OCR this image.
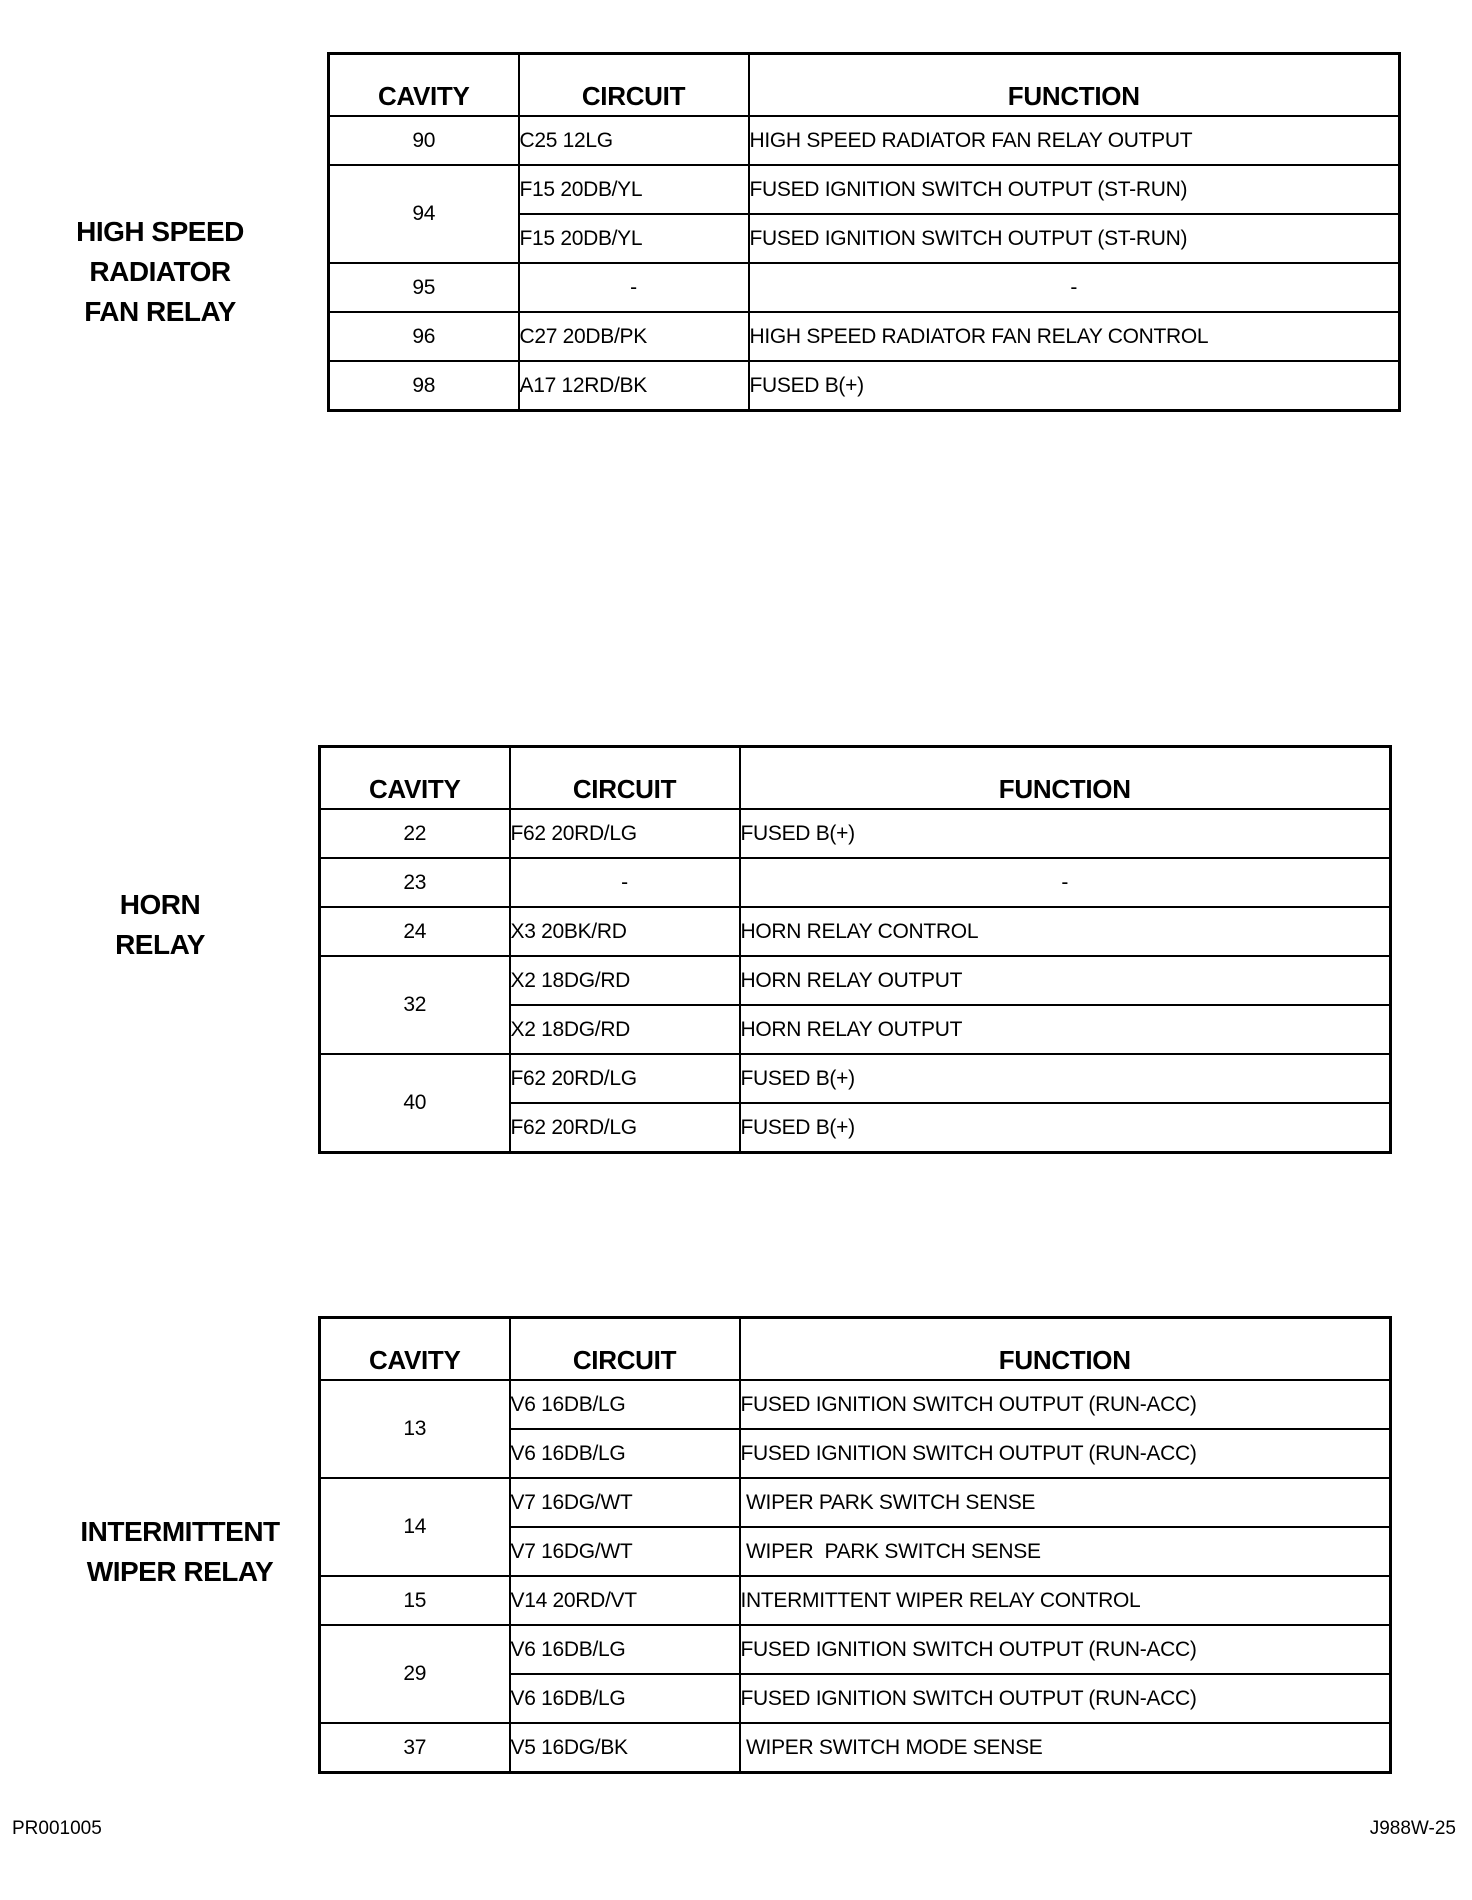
HIGH SPEED
RADIATOR
FAN RELAY
CAVITY	CIRCUIT	FUNCTION
90	C25 12LG	HIGH SPEED RADIATOR FAN RELAY OUTPUT
94	F15 20DB/YL	FUSED IGNITION SWITCH OUTPUT (ST-RUN)
	F15 20DB/YL	FUSED IGNITION SWITCH OUTPUT (ST-RUN)
95	-	-
96	C27 20DB/PK	HIGH SPEED RADIATOR FAN RELAY CONTROL
98	A17 12RD/BK	FUSED B(+)
HORN
RELAY
CAVITY	CIRCUIT	FUNCTION
22	F62 20RD/LG	FUSED B(+)
23	-	-
24	X3 20BK/RD	HORN RELAY CONTROL
32	X2 18DG/RD	HORN RELAY OUTPUT
	X2 18DG/RD	HORN RELAY OUTPUT
40	F62 20RD/LG	FUSED B(+)
	F62 20RD/LG	FUSED B(+)
INTERMITTENT
WIPER RELAY
CAVITY	CIRCUIT	FUNCTION
13	V6 16DB/LG	FUSED IGNITION SWITCH OUTPUT (RUN-ACC)
	V6 16DB/LG	FUSED IGNITION SWITCH OUTPUT (RUN-ACC)
14	V7 16DG/WT	WIPER PARK SWITCH SENSE
	V7 16DG/WT	WIPER  PARK SWITCH SENSE
15	V14 20RD/VT	INTERMITTENT WIPER RELAY CONTROL
29	V6 16DB/LG	FUSED IGNITION SWITCH OUTPUT (RUN-ACC)
	V6 16DB/LG	FUSED IGNITION SWITCH OUTPUT (RUN-ACC)
37	V5 16DG/BK	WIPER SWITCH MODE SENSE
PR001005	J988W-25
